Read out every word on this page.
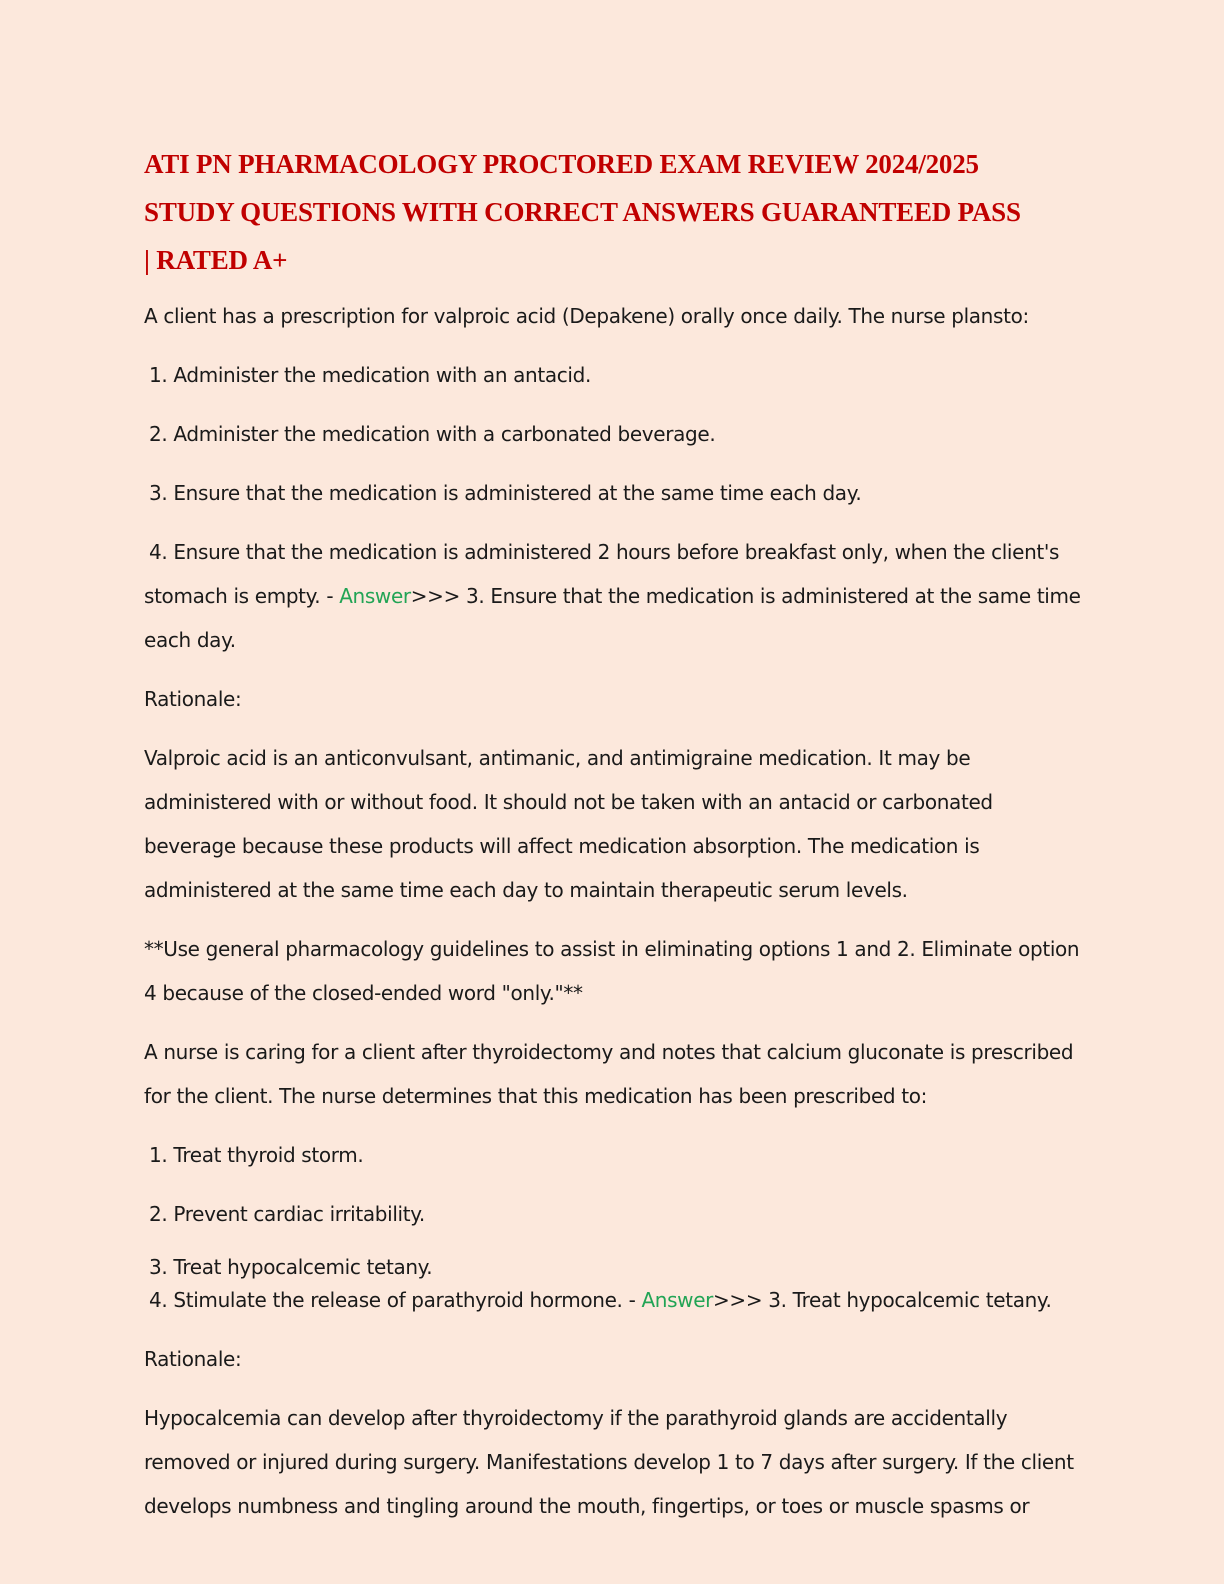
ATI PN PHARMACOLOGY PROCTORED EXAM REVIEW 2024/2025
STUDY QUESTIONS WITH CORRECT ANSWERS GUARANTEED PASS
| RATED A+

A client has a prescription for valproic acid (Depakene) orally once daily. The nurse plansto:

1. Administer the medication with an antacid.

2. Administer the medication with a carbonated beverage.

3. Ensure that the medication is administered at the same time each day.

4. Ensure that the medication is administered 2 hours before breakfast only, when the client's
stomach is empty. - Answer>>> 3. Ensure that the medication is administered at the same time
each day.

Rationale:

Valproic acid is an anticonvulsant, antimanic, and antimigraine medication. It may be
administered with or without food. It should not be taken with an antacid or carbonated
beverage because these products will affect medication absorption. The medication is
administered at the same time each day to maintain therapeutic serum levels.

**Use general pharmacology guidelines to assist in eliminating options 1 and 2. Eliminate option
4 because of the closed-ended word "only."**

A nurse is caring for a client after thyroidectomy and notes that calcium gluconate is prescribed
for the client. The nurse determines that this medication has been prescribed to:

1. Treat thyroid storm.

2. Prevent cardiac irritability.

3. Treat hypocalcemic tetany.

4. Stimulate the release of parathyroid hormone. - Answer>>> 3. Treat hypocalcemic tetany.

Rationale:

Hypocalcemia can develop after thyroidectomy if the parathyroid glands are accidentally
removed or injured during surgery. Manifestations develop 1 to 7 days after surgery. If the client
develops numbness and tingling around the mouth, fingertips, or toes or muscle spasms or
